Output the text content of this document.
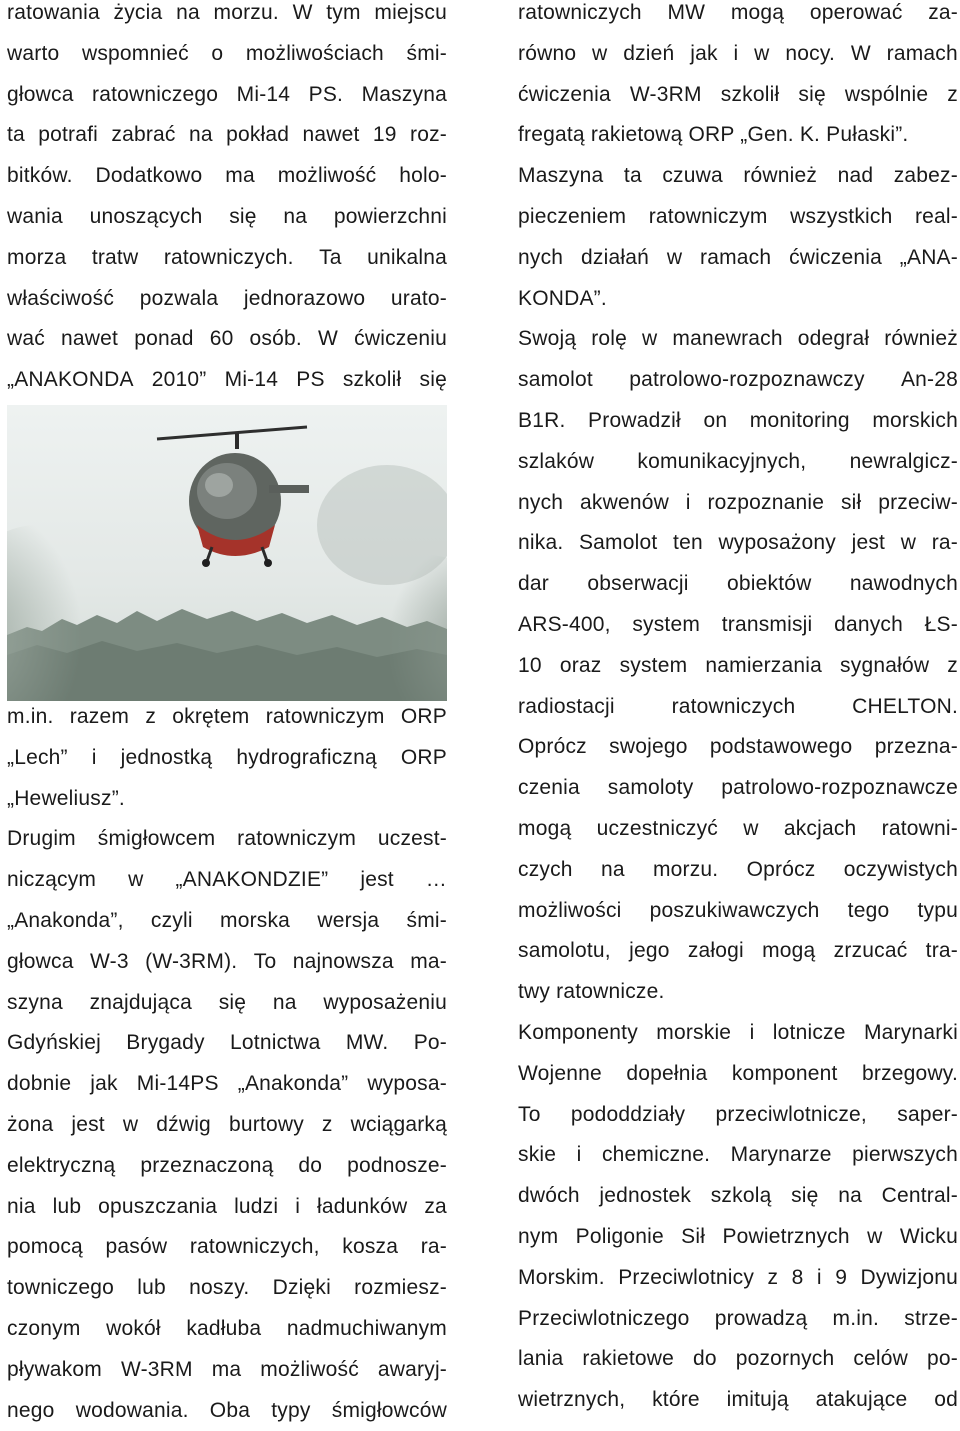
ratowania życia na morzu. W tym miejscu
warto wspomnieć o możliwościach śmi-
głowca ratowniczego Mi-14 PS. Maszyna
ta potrafi zabrać na pokład nawet 19 roz-
bitków. Dodatkowo ma możliwość holo-
wania unoszących się na powierzchni
morza tratw ratowniczych. Ta unikalna
właściwość pozwala jednorazowo urato-
wać nawet ponad 60 osób. W ćwiczeniu
„ANAKONDA 2010” Mi-14 PS szkolił się
m.in. razem z okrętem ratowniczym ORP
„Lech” i jednostką hydrograficzną ORP
„Heweliusz”.
Drugim śmigłowcem ratowniczym uczest-
niczącym w „ANAKONDZIE” jest …
„Anakonda”, czyli morska wersja śmi-
głowca W-3 (W-3RM). To najnowsza ma-
szyna znajdująca się na wyposażeniu
Gdyńskiej Brygady Lotnictwa MW. Po-
dobnie jak Mi-14PS „Anakonda” wyposa-
żona jest w dźwig burtowy z wciągarką
elektryczną przeznaczoną do podnosze-
nia lub opuszczania ludzi i ładunków za
pomocą pasów ratowniczych, kosza ra-
towniczego lub noszy. Dzięki rozmiesz-
czonym wokół kadłuba nadmuchiwanym
pływakom W-3RM ma możliwość awaryj-
nego wodowania. Oba typy śmigłowców
ratowniczych MW mogą operować za-
równo w dzień jak i w nocy. W ramach
ćwiczenia W-3RM szkolił się wspólnie z
fregatą rakietową ORP „Gen. K. Pułaski”.
Maszyna ta czuwa również nad zabez-
pieczeniem ratowniczym wszystkich real-
nych działań w ramach ćwiczenia „ANA-
KONDA”.
Swoją rolę w manewrach odegrał również
samolot patrolowo-rozpoznawczy An-28
B1R. Prowadził on monitoring morskich
szlaków komunikacyjnych, newralgicz-
nych akwenów i rozpoznanie sił przeciw-
nika. Samolot ten wyposażony jest w ra-
dar obserwacji obiektów nawodnych
ARS-400, system transmisji danych ŁS-
10 oraz system namierzania sygnałów z
radiostacji	ratowniczych	CHELTON.
Oprócz swojego podstawowego przezna-
czenia samoloty patrolowo-rozpoznawcze
mogą uczestniczyć w akcjach ratowni-
czych na morzu. Oprócz oczywistych
możliwości poszukiwawczych tego typu
samolotu, jego załogi mogą zrzucać tra-
twy ratownicze.
Komponenty morskie i lotnicze Marynarki
Wojenne dopełnia komponent brzegowy.
To pododdziały przeciwlotnicze, saper-
skie i chemiczne. Marynarze pierwszych
dwóch jednostek szkolą się na Central-
nym Poligonie Sił Powietrznych w Wicku
Morskim. Przeciwlotnicy z 8 i 9 Dywizjonu
Przeciwlotniczego prowadzą m.in. strze-
lania rakietowe do pozornych celów po-
wietrznych, które imitują atakujące od
